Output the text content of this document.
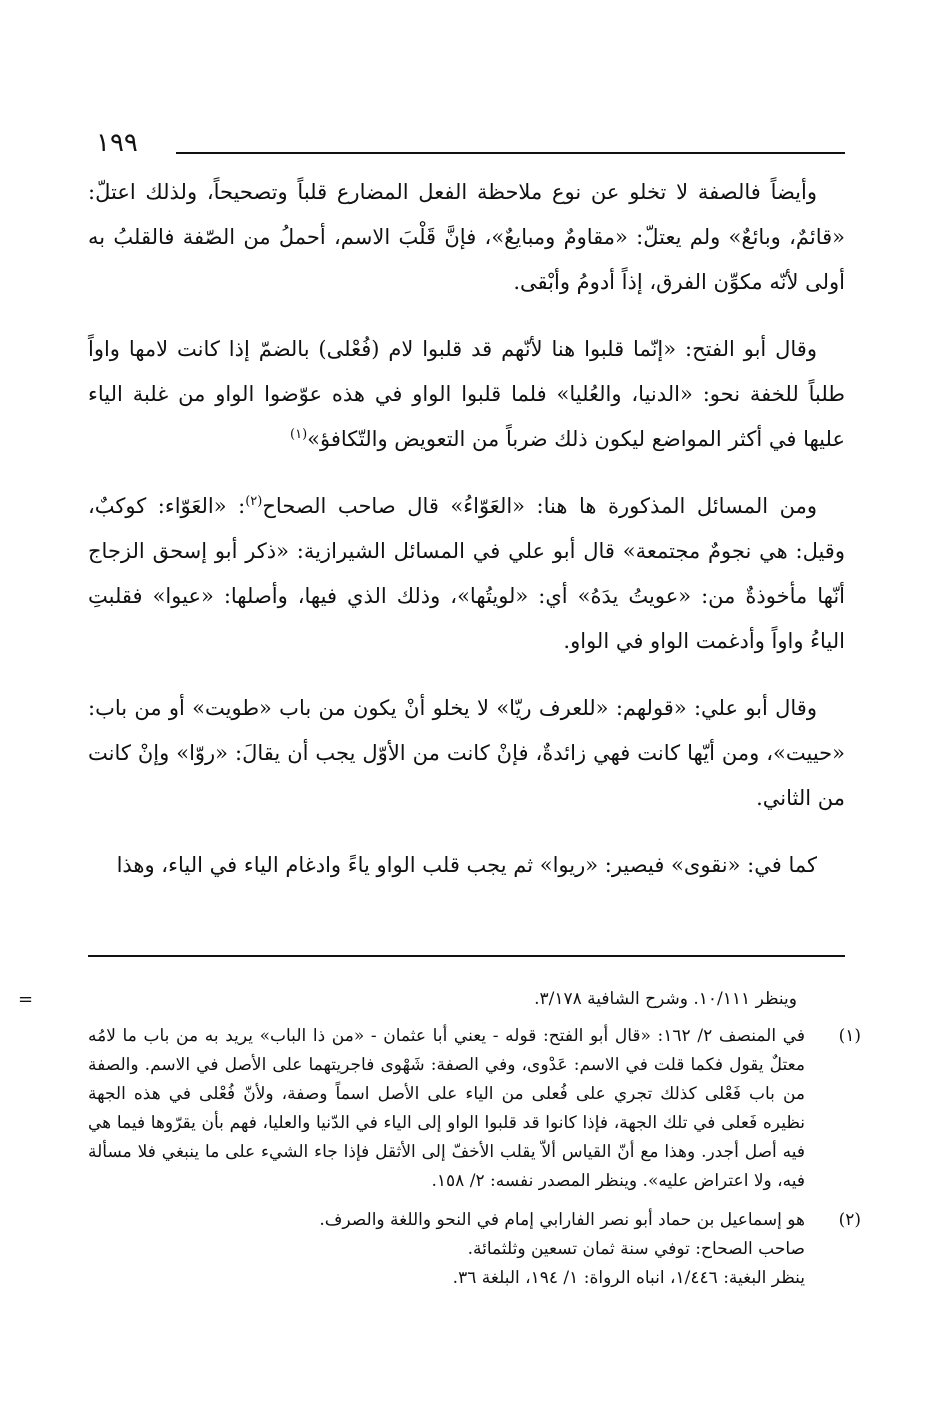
١٩٩

وأيضاً فالصفة لا تخلو عن نوع ملاحظة الفعل المضارع قلباً وتصحيحاً، ولذلك اعتلّ: «قائمٌ، وبائعٌ» ولم يعتلّ: «مقاومٌ ومبايعٌ»، فإنَّ قَلْبَ الاسم، أحملُ من الصّفة فالقلبُ به أولى لأنّه مكوِّن الفرق، إذاً أدومُ وأبْقى.

وقال أبو الفتح: «إنّما قلبوا هنا لأنّهم قد قلبوا لام (فُعْلى) بالضمّ إذا كانت لامها واواً طلباً للخفة نحو: «الدنيا، والعُليا» فلما قلبوا الواو في هذه عوّضوا الواو من غلبة الياء عليها في أكثر المواضع ليكون ذلك ضرباً من التعويض والتّكافؤ»$^{(١)}$

ومن المسائل المذكورة ها هنا: «العَوّاءُ» قال صاحب الصحاح$^{(٢)}$: «العَوّاء: كوكبٌ، وقيل: هي نجومٌ مجتمعة» قال أبو علي في المسائل الشيرازية: «ذكر أبو إسحق الزجاج أنّها مأخوذةٌ من: «عويتُ يدَهُ» أي: «لويتُها»، وذلك الذي فيها، وأصلها: «عيوا» فقلبتِ الياءُ واواً وأدغمت الواو في الواو.

وقال أبو علي: «قولهم: «للعرف ريّا» لا يخلو أنْ يكون من باب «طويت» أو من باب: «حييت»، ومن أيّها كانت فهي زائدةٌ، فإنْ كانت من الأوّل يجب أن يقالَ: «روّا» وإنْ كانت من الثاني.

كما في: «نقوى» فيصير: «ريوا» ثم يجب قلب الواو ياءً وادغام الياء في الياء، وهذا

وينظر ١٠/١١١. وشرح الشافية ٣/١٧٨.
=
(١)

في المنصف ٢/ ١٦٢: «قال أبو الفتح: قوله - يعني أبا عثمان - «من ذا الباب» يريد به من باب ما لامُه معتلٌ يقول فكما قلت في الاسم: عَدْوى، وفي الصفة: شَهْوى فاجريتهما على الأصل في الاسم. والصفة من باب فَعْلى كذلك تجري على فُعلى من الياء على الأصل اسماً وصفة، ولأنّ فُعْلى في هذه الجهة نظيره فَعلى في تلك الجهة، فإذا كانوا قد قلبوا الواو إلى الياء في الدّنيا والعليا، فهم بأن يقرّوها فيما هي فيه أصل أجدر. وهذا مع أنّ القياس ألاّ يقلب الأخفّ إلى الأثقل فإذا جاء الشيء على ما ينبغي فلا مسألة فيه، ولا اعتراض عليه». وينظر المصدر نفسه: ٢/ ١٥٨.

(٢)

هو إسماعيل بن حماد أبو نصر الفارابي إمام في النحو واللغة والصرف.

صاحب الصحاح: توفي سنة ثمان تسعين وثلثمائة.

ينظر البغية: ١/٤٤٦، انباه الرواة: ١/ ١٩٤، البلغة ٣٦.
